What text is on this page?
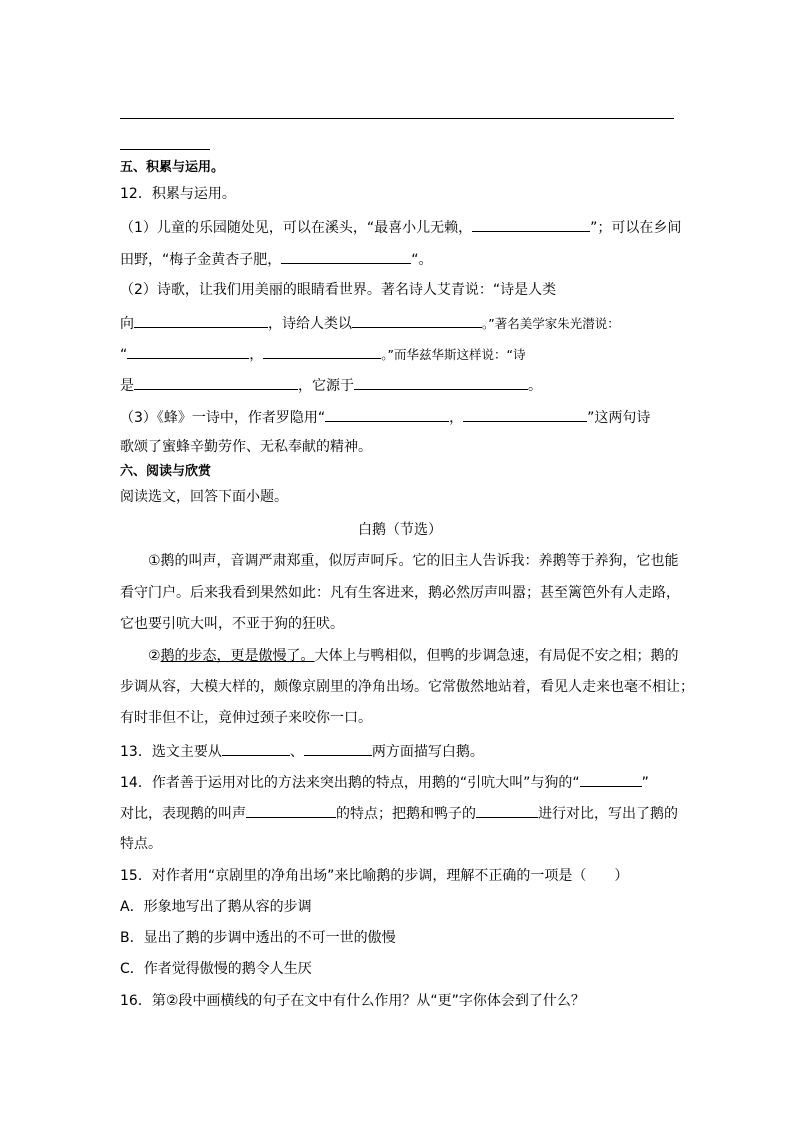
五、积累与运用。
12．积累与运用。
（1）儿童的乐园随处见，可以在溪头，“最喜小儿无赖，	”；可以在乡间
田野，“梅子金黄杏子肥，	“。
（2）诗歌，让我们用美丽的眼睛看世界。著名诗人艾青说：“诗是人类
向	，诗给人类以	。”著名美学家朱光潜说：
“	，	。”而华兹华斯这样说：“诗
是	，它源于	。
（3）《蜂》一诗中，作者罗隐用“	，	”这两句诗
歌颂了蜜蜂辛勤劳作、无私奉献的精神。
六、阅读与欣赏
阅读选文，回答下面小题。
白鹅（节选）
①鹅的叫声，音调严肃郑重，似厉声呵斥。它的旧主人告诉我：养鹅等于养狗，它也能
看守门户。后来我看到果然如此：凡有生客进来，鹅必然厉声叫嚣；甚至篱笆外有人走路，
它也要引吭大叫，不亚于狗的狂吠。
②鹅的步态，更是傲慢了。大体上与鸭相似，但鸭的步调急速，有局促不安之相；鹅的
步调从容，大模大样的，颇像京剧里的净角出场。它常傲然地站着，看见人走来也毫不相让；
有时非但不让，竟伸过颈子来咬你一口。
13．选文主要从	、	两方面描写白鹅。
14．作者善于运用对比的方法来突出鹅的特点，用鹅的“引吭大叫”与狗的“	”
对比，表现鹅的叫声	的特点；把鹅和鸭子的	进行对比，写出了鹅的
特点。
15．对作者用“京剧里的净角出场”来比喻鹅的步调，理解不正确的一项是（　　）
A．形象地写出了鹅从容的步调
B．显出了鹅的步调中透出的不可一世的傲慢
C．作者觉得傲慢的鹅令人生厌
16．第②段中画横线的句子在文中有什么作用？从“更”字你体会到了什么？
